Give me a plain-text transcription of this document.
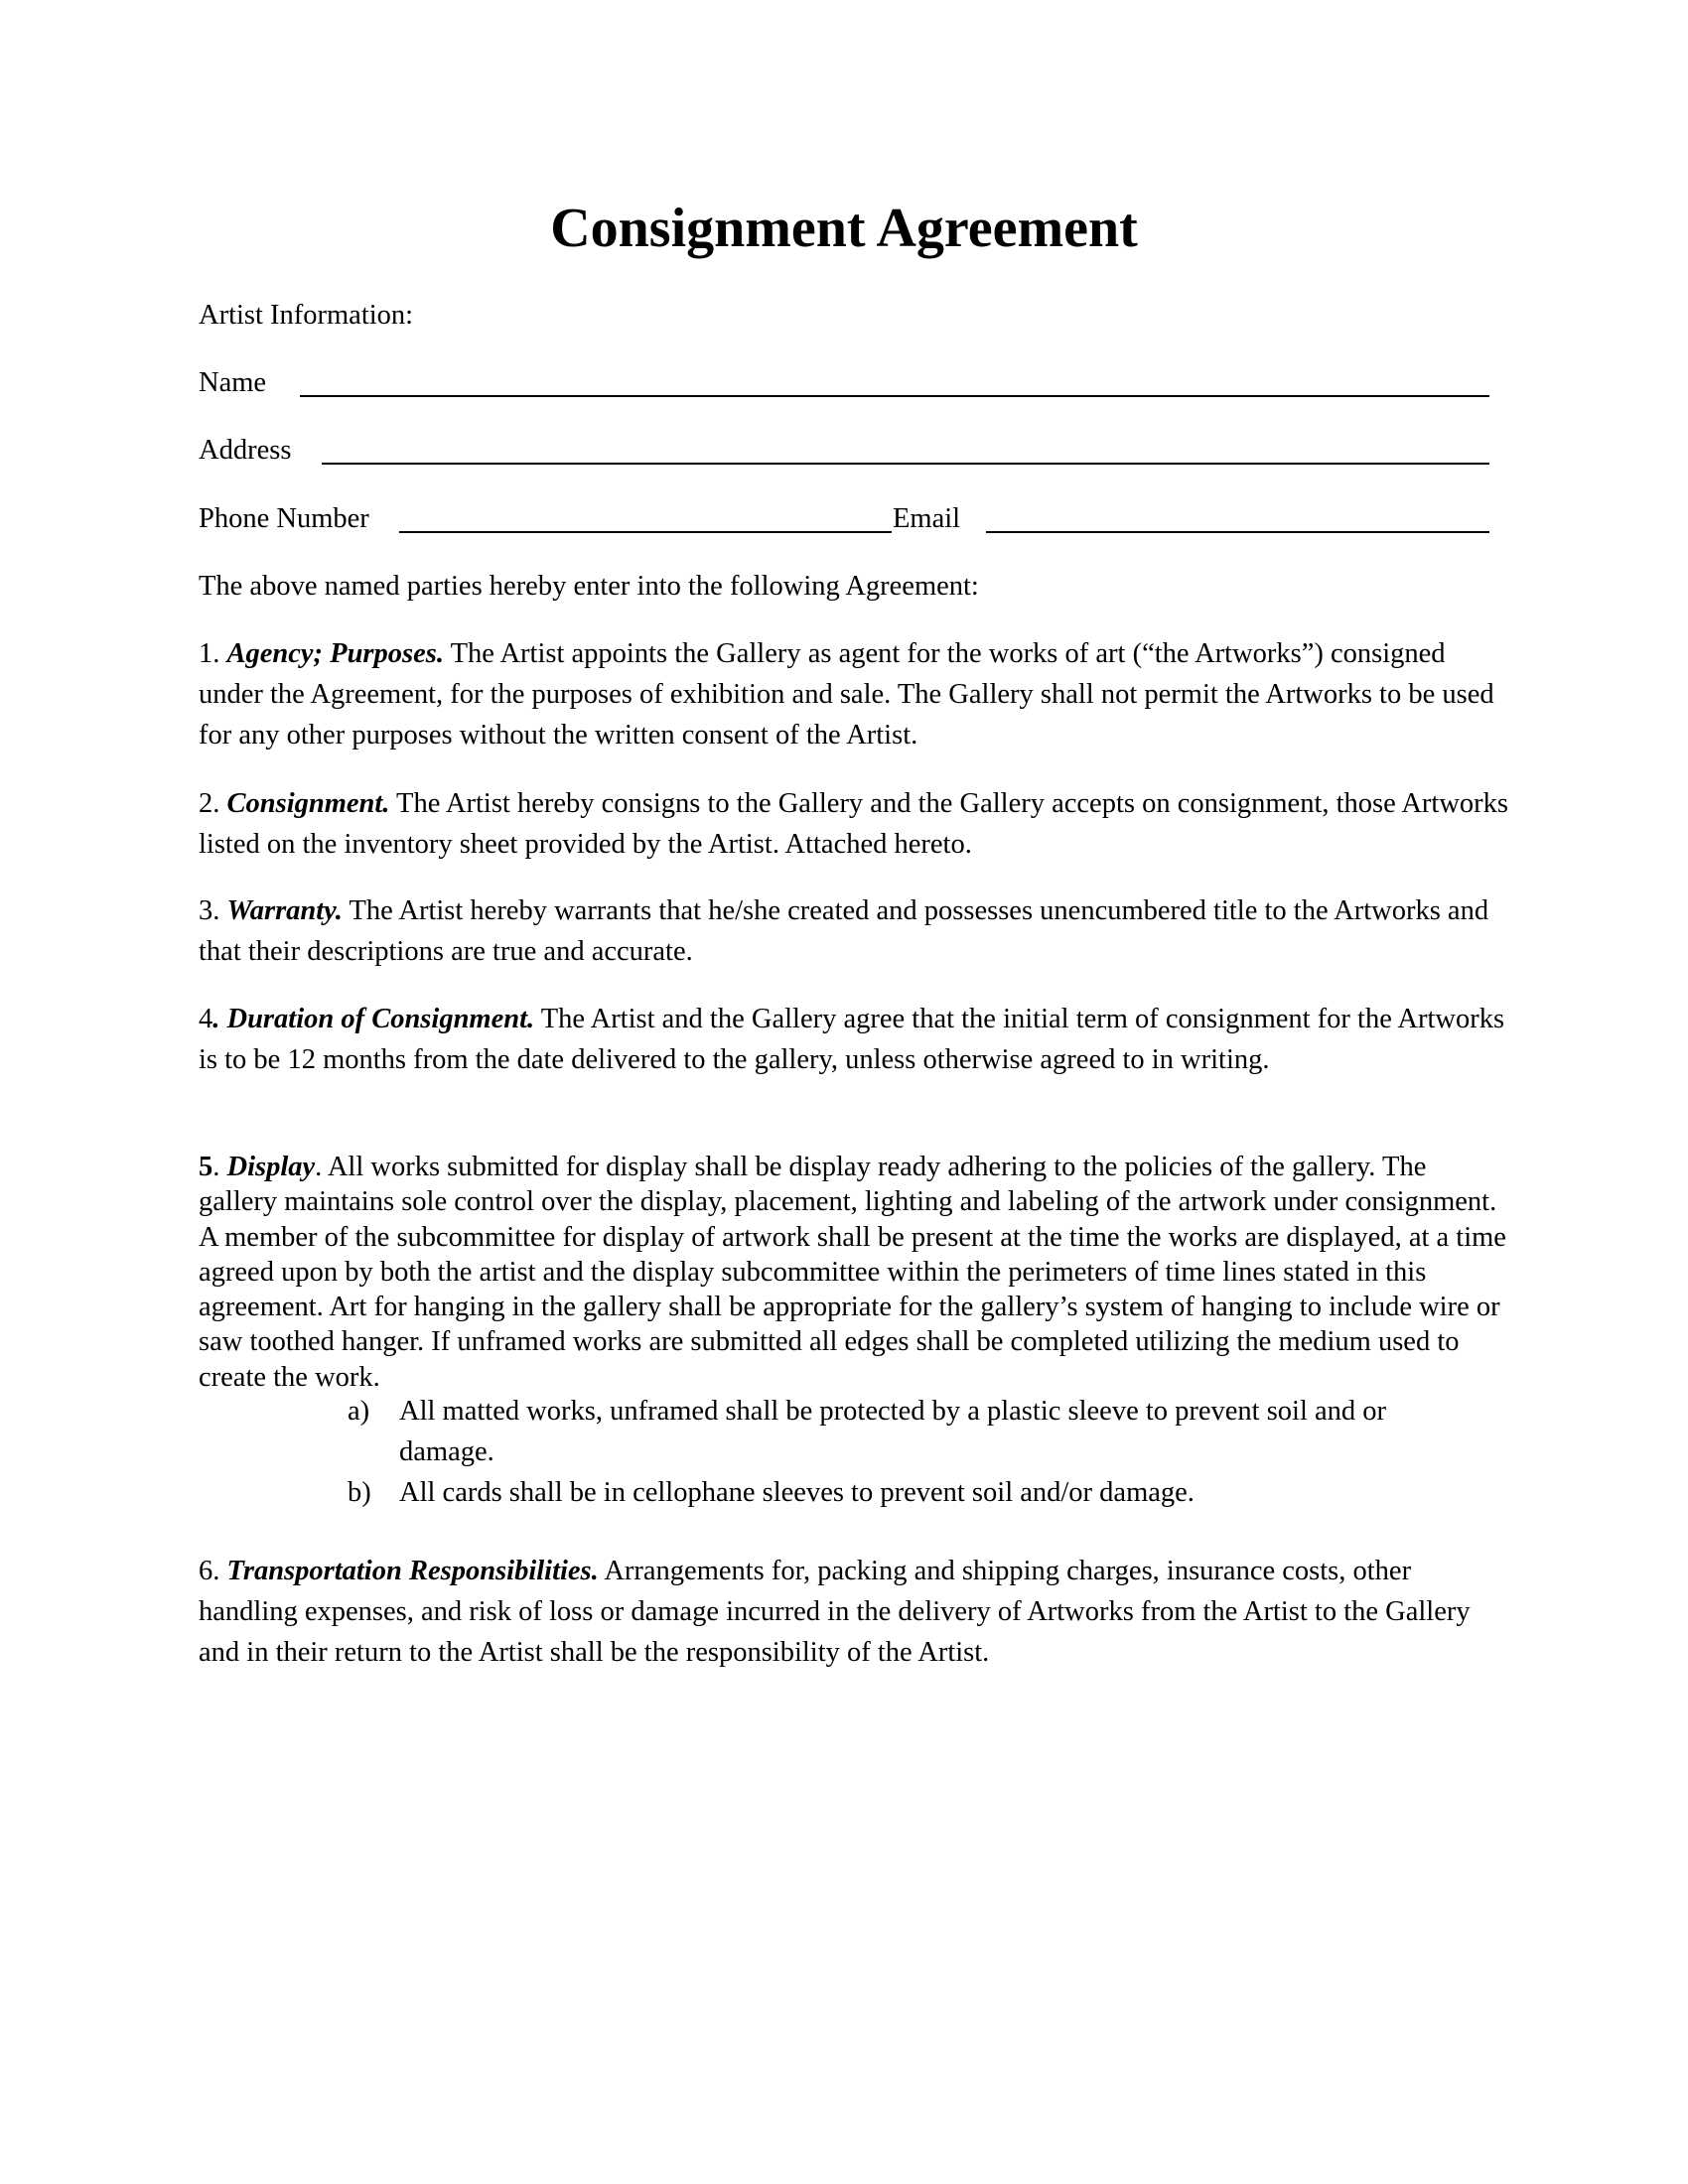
Consignment Agreement
Artist Information:
Name
Address
Phone Number	Email
The above named parties hereby enter into the following Agreement:
1. Agency; Purposes. The Artist appoints the Gallery as agent for the works of art (“the Artworks”) consigned under the Agreement, for the purposes of exhibition and sale. The Gallery shall not permit the Artworks to be used for any other purposes without the written consent of the Artist.
2. Consignment. The Artist hereby consigns to the Gallery and the Gallery accepts on consignment, those Artworks listed on the inventory sheet provided by the Artist. Attached hereto.
3. Warranty. The Artist hereby warrants that he/she created and possesses unencumbered title to the Artworks and that their descriptions are true and accurate.
4. Duration of Consignment. The Artist and the Gallery agree that the initial term of consignment for the Artworks is to be 12 months from the date delivered to the gallery, unless otherwise agreed to in writing.
5. Display. All works submitted for display shall be display ready adhering to the policies of the gallery. The gallery maintains sole control over the display, placement, lighting and labeling of the artwork under consignment. A member of the subcommittee for display of artwork shall be present at the time the works are displayed, at a time agreed upon by both the artist and the display subcommittee within the perimeters of time lines stated in this agreement. Art for hanging in the gallery shall be appropriate for the gallery’s system of hanging to include wire or saw toothed hanger. If unframed works are submitted all edges shall be completed utilizing the medium used to create the work.
a) All matted works, unframed shall be protected by a plastic sleeve to prevent soil and or damage.
b) All cards shall be in cellophane sleeves to prevent soil and/or damage.
6. Transportation Responsibilities. Arrangements for, packing and shipping charges, insurance costs, other handling expenses, and risk of loss or damage incurred in the delivery of Artworks from the Artist to the Gallery and in their return to the Artist shall be the responsibility of the Artist.
